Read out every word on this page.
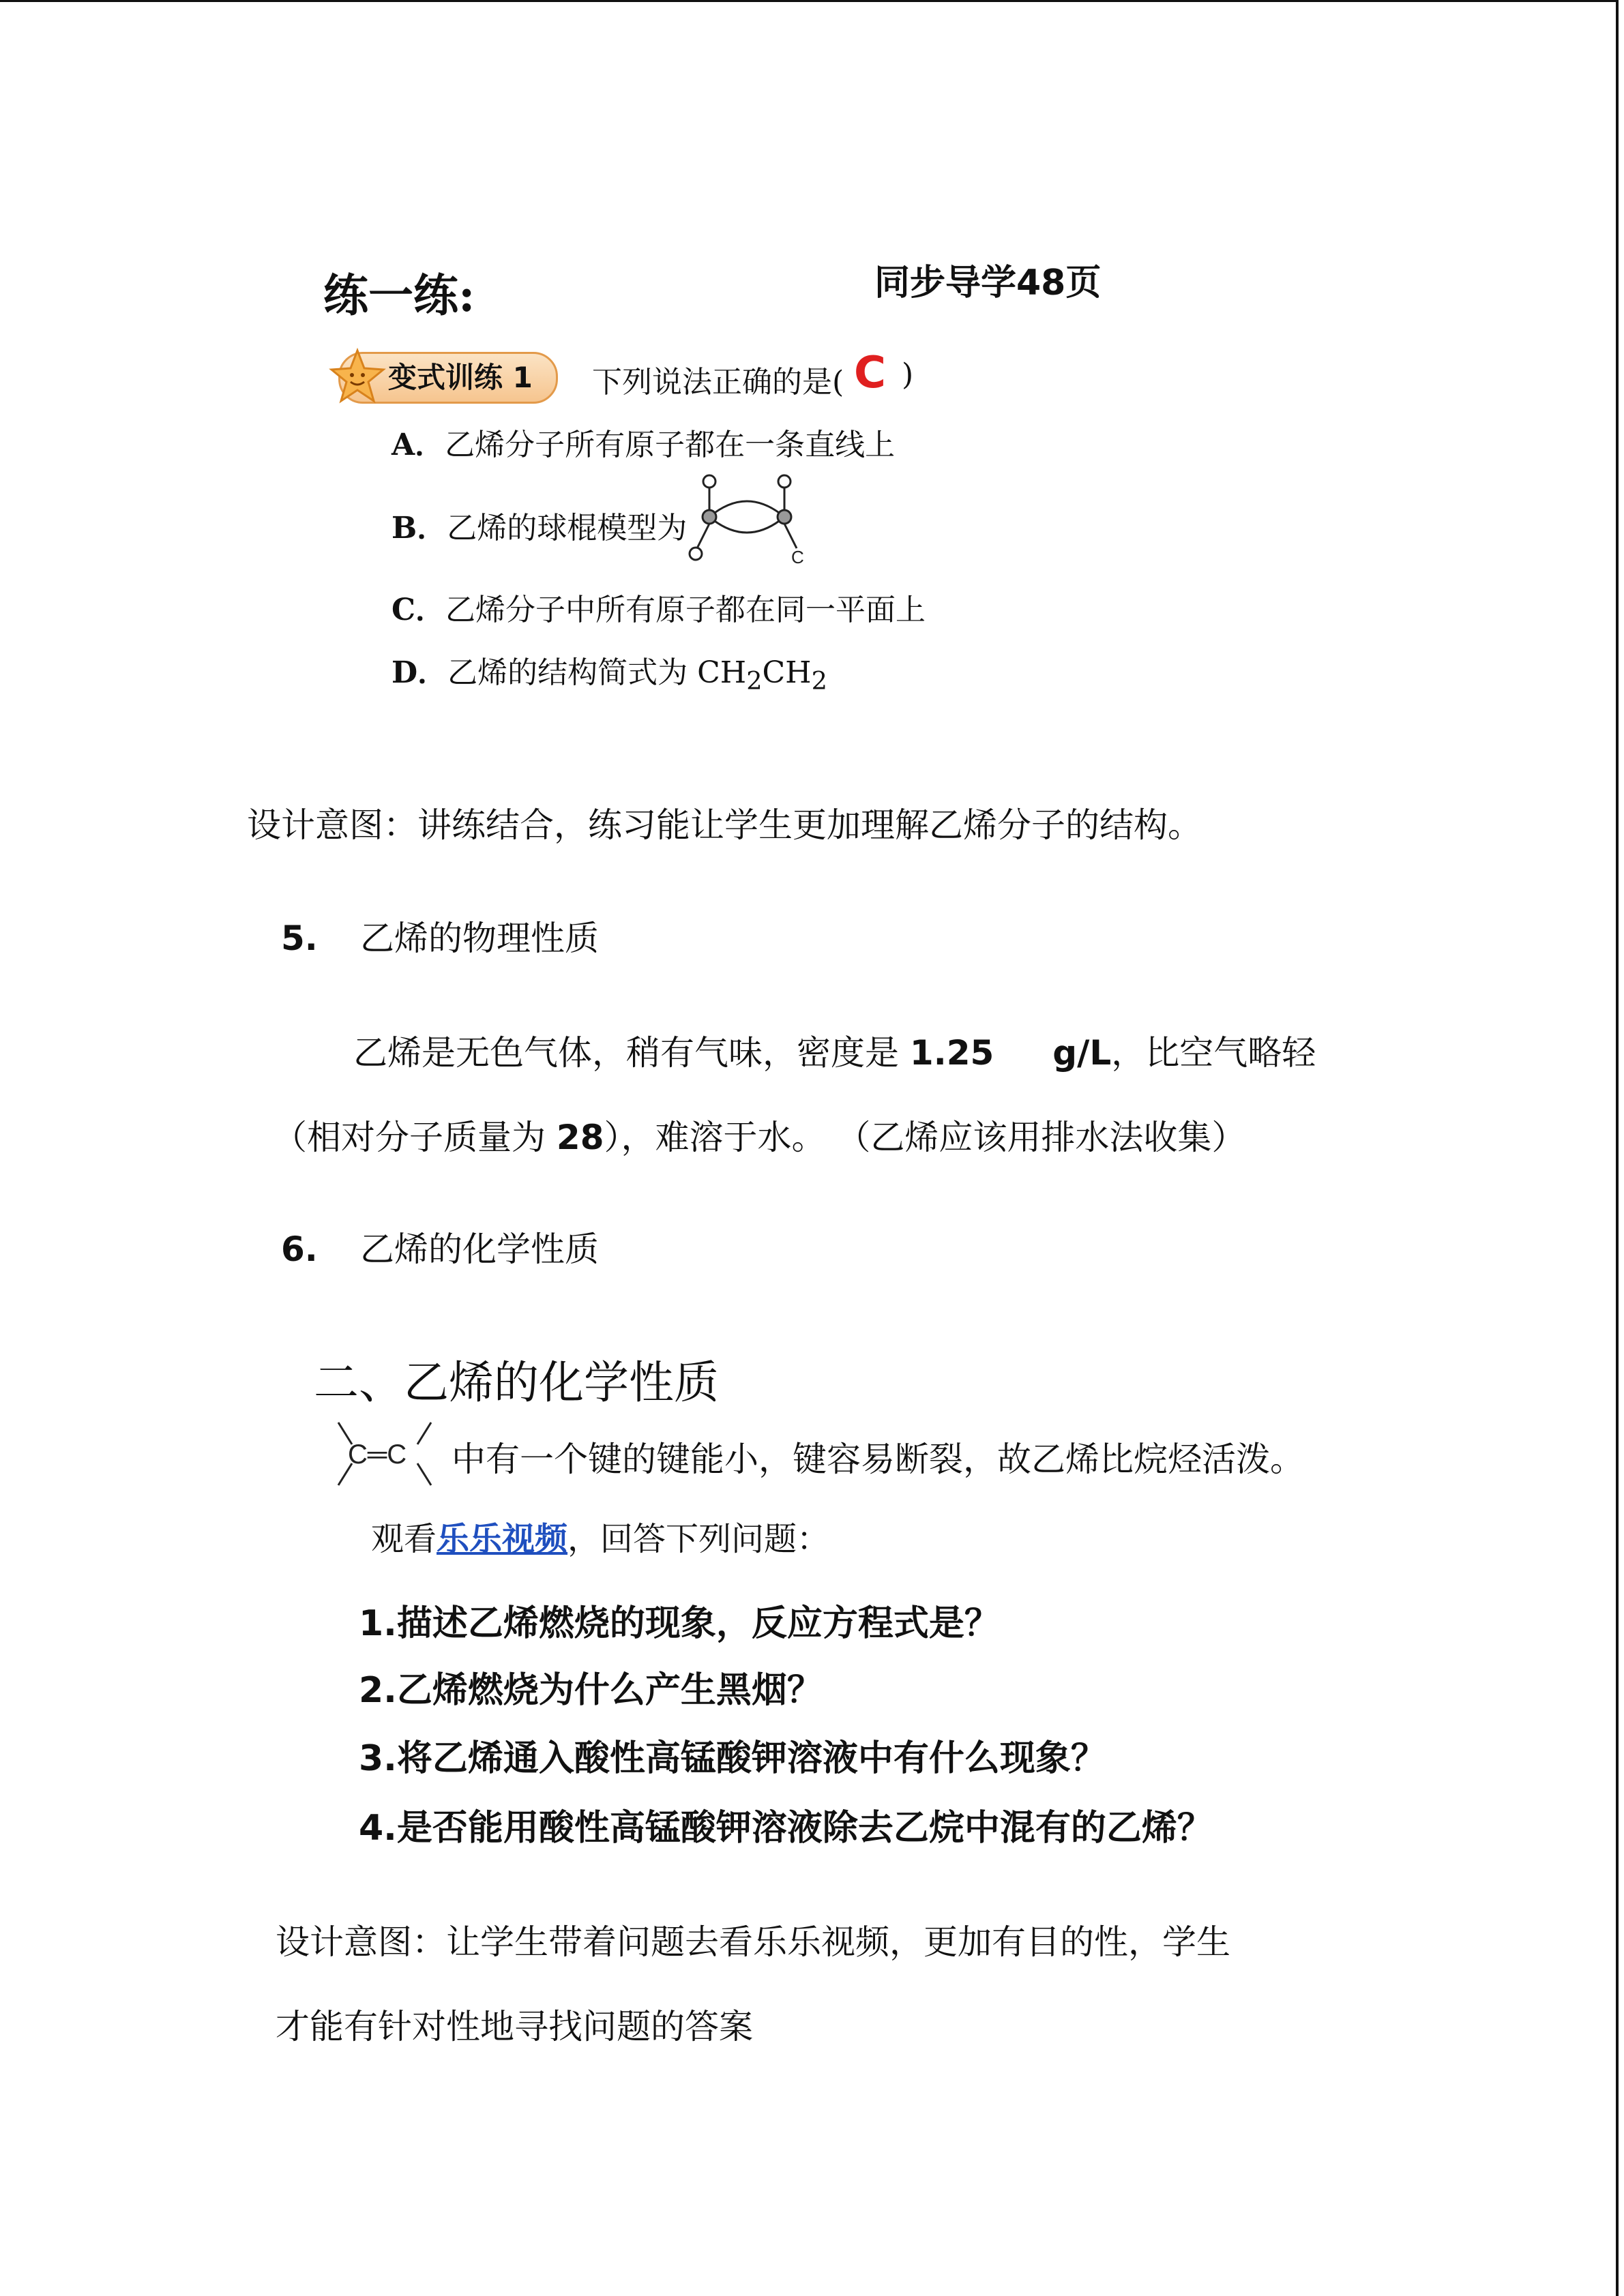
练一练:	同步导学48页
变式训练 1	下列说法正确的是( C )
A．乙烯分子所有原子都在一条直线上
B．乙烯的球棍模型为
C
C．乙烯分子中所有原子都在同一平面上
D．乙烯的结构简式为 $CH_2CH_2$
设计意图：讲练结合，练习能让学生更加理解乙烯分子的结构。
5. 乙烯的物理性质
乙烯是无色气体，稍有气味，密度是 1.25 g/L，比空气略轻
（相对分子质量为 28），难溶于水。 （乙烯应该用排水法收集）
6. 乙烯的化学性质
二、乙烯的化学性质
C═C 中有一个键的键能小，键容易断裂，故乙烯比烷烃活泼。
观看乐乐视频，回答下列问题：
1.描述乙烯燃烧的现象，反应方程式是？
2.乙烯燃烧为什么产生黑烟？
3.将乙烯通入酸性高锰酸钾溶液中有什么现象？
4.是否能用酸性高锰酸钾溶液除去乙烷中混有的乙烯？
设计意图：让学生带着问题去看乐乐视频，更加有目的性，学生
才能有针对性地寻找问题的答案
